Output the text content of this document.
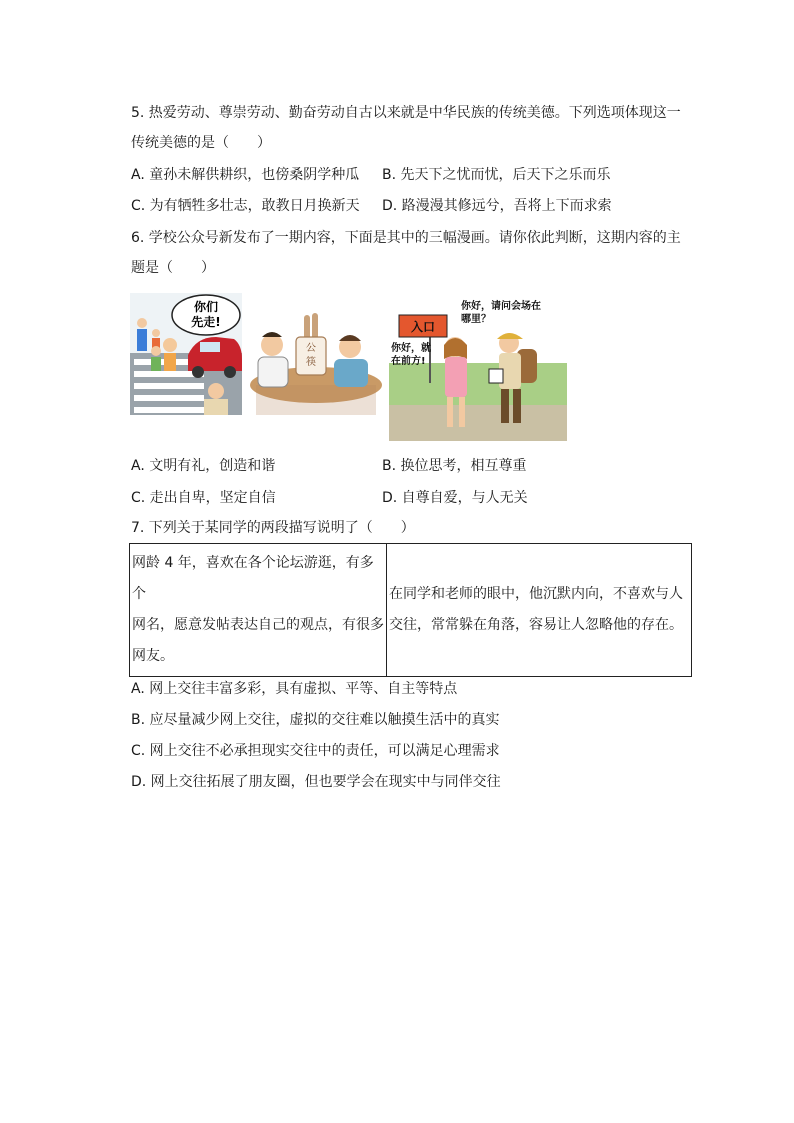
5. 热爱劳动、尊崇劳动、勤奋劳动自古以来就是中华民族的传统美德。下列选项体现这一
传统美德的是（　　）
A. 童孙未解供耕织，也傍桑阴学种瓜 B. 先天下之忧而忧，后天下之乐而乐
C. 为有牺牲多壮志，敢教日月换新天 D. 路漫漫其修远兮，吾将上下而求索
6. 学校公众号新发布了一期内容，下面是其中的三幅漫画。请你依此判断，这期内容的主
题是（　　）
你们
先走!
公
筷
入口
你好，请问会场在
哪里？
你好，就
在前方!
A. 文明有礼，创造和谐	B. 换位思考，相互尊重
C. 走出自卑，坚定自信	D. 自尊自爱，与人无关
7. 下列关于某同学的两段描写说明了（　　）
网龄 4 年，喜欢在各个论坛游逛，有多个
网名，愿意发帖表达自己的观点，有很多
网友。

在同学和老师的眼中，他沉默内向，不喜欢与人
交往，常常躲在角落，容易让人忽略他的存在。
A. 网上交往丰富多彩，具有虚拟、平等、自主等特点
B. 应尽量减少网上交往，虚拟的交往难以触摸生活中的真实
C. 网上交往不必承担现实交往中的责任，可以满足心理需求
D. 网上交往拓展了朋友圈，但也要学会在现实中与同伴交往
